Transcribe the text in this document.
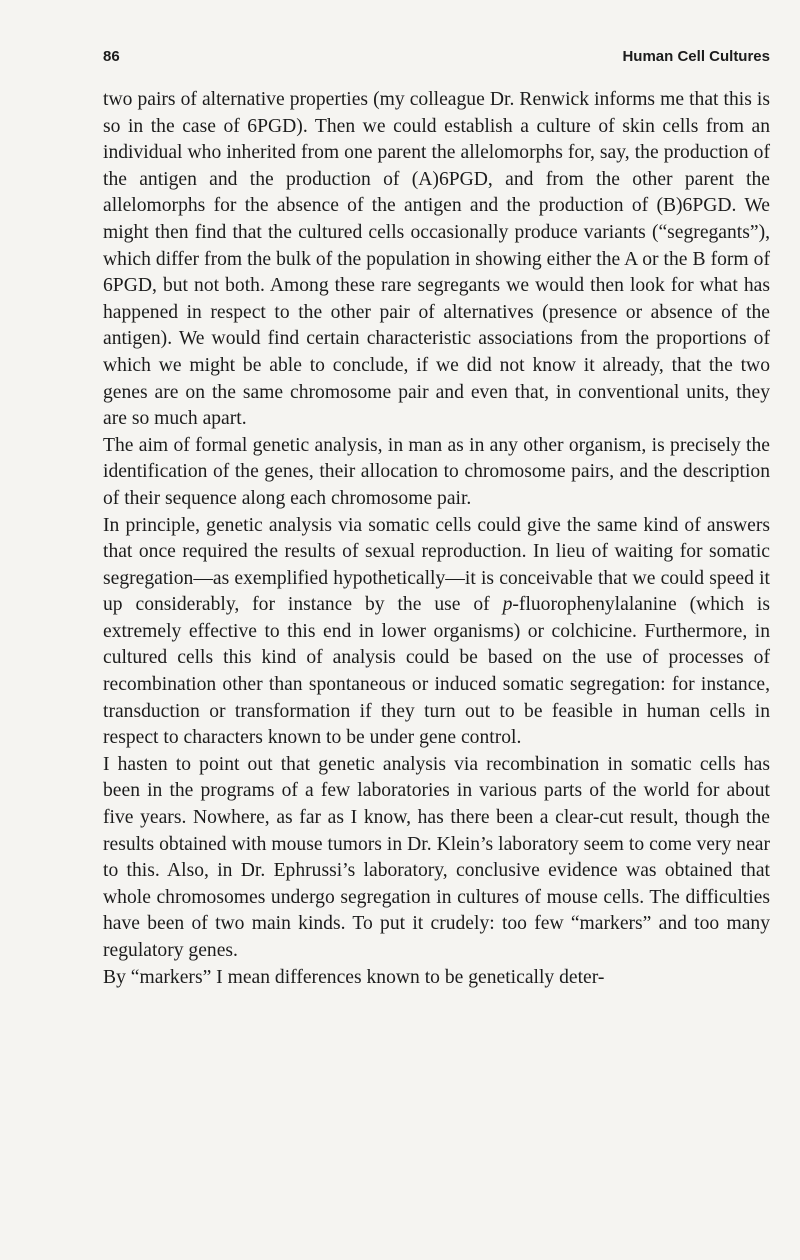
86	Human Cell Cultures

two pairs of alternative properties (my colleague Dr. Renwick informs me that this is so in the case of 6PGD). Then we could establish a culture of skin cells from an individual who inherited from one parent the allelomorphs for, say, the production of the antigen and the production of (A)6PGD, and from the other parent the allelomorphs for the absence of the antigen and the production of (B)6PGD. We might then find that the cultured cells occasionally produce variants (“segregants”), which differ from the bulk of the population in showing either the A or the B form of 6PGD, but not both. Among these rare segregants we would then look for what has happened in respect to the other pair of alternatives (presence or absence of the antigen). We would find certain characteristic associations from the proportions of which we might be able to conclude, if we did not know it already, that the two genes are on the same chromosome pair and even that, in conventional units, they are so much apart.

The aim of formal genetic analysis, in man as in any other organism, is precisely the identification of the genes, their allocation to chromosome pairs, and the description of their sequence along each chromosome pair.

In principle, genetic analysis via somatic cells could give the same kind of answers that once required the results of sexual reproduction. In lieu of waiting for somatic segregation—as exemplified hypothetically—it is conceivable that we could speed it up considerably, for instance by the use of p-fluorophenylalanine (which is extremely effective to this end in lower organisms) or colchicine. Furthermore, in cultured cells this kind of analysis could be based on the use of processes of recombination other than spontaneous or induced somatic segregation: for instance, transduction or transformation if they turn out to be feasible in human cells in respect to characters known to be under gene control.

I hasten to point out that genetic analysis via recombination in somatic cells has been in the programs of a few laboratories in various parts of the world for about five years. Nowhere, as far as I know, has there been a clear-cut result, though the results obtained with mouse tumors in Dr. Klein’s laboratory seem to come very near to this. Also, in Dr. Ephrussi’s laboratory, conclusive evidence was obtained that whole chromosomes undergo segregation in cultures of mouse cells. The difficulties have been of two main kinds. To put it crudely: too few “markers” and too many regulatory genes.

By “markers” I mean differences known to be genetically deter-
